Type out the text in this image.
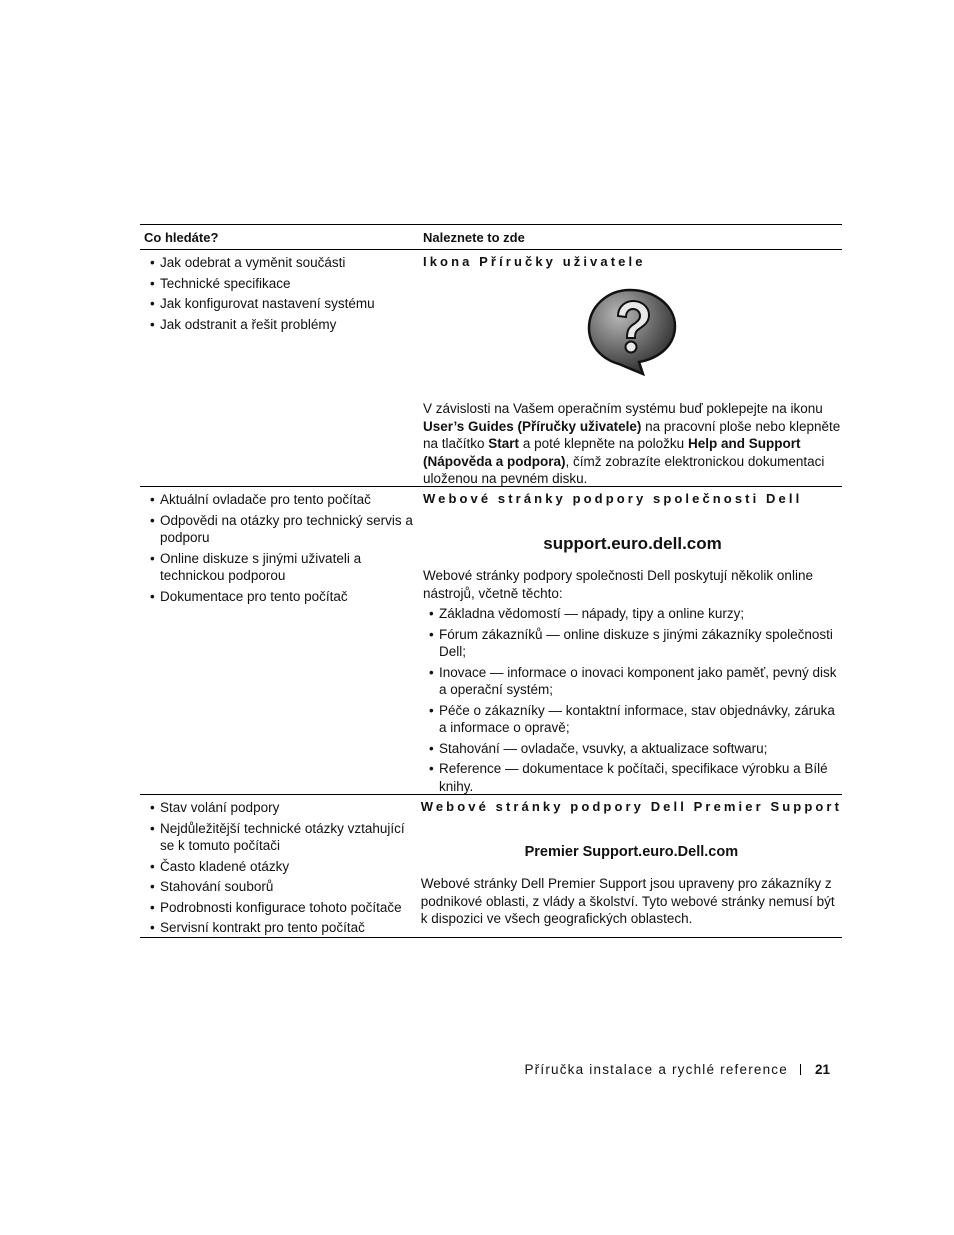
Co hledáte?	Naleznete to zde
• Jak odebrat a vyměnit součásti
• Technické specifikace
• Jak konfigurovat nastavení systému
• Jak odstranit a řešit problémy
Ikona Příručky uživatele

V závislosti na Vašem operačním systému buď poklepejte na ikonu User’s Guides (Příručky uživatele) na pracovní ploše nebo klepněte na tlačítko Start a poté klepněte na položku Help and Support (Nápověda a podpora), čímž zobrazíte elektronickou dokumentaci uloženou na pevném disku.

• Aktuální ovladače pro tento počítač
• Odpovědi na otázky pro technický servis a podporu
• Online diskuze s jinými uživateli a technickou podporou
• Dokumentace pro tento počítač
Webové stránky podpory společnosti Dell
support.euro.dell.com

Webové stránky podpory společnosti Dell poskytují několik online nástrojů, včetně těchto:

• Základna vědomostí — nápady, tipy a online kurzy;
• Fórum zákazníků — online diskuze s jinými zákazníky společnosti Dell;
• Inovace — informace o inovaci komponent jako paměť, pevný disk a operační systém;
• Péče o zákazníky — kontaktní informace, stav objednávky, záruka a informace o opravě;
• Stahování — ovladače, vsuvky, a aktualizace softwaru;
• Reference — dokumentace k počítači, specifikace výrobku a Bílé knihy.
• Stav volání podpory
• Nejdůležitější technické otázky vztahující se k tomuto počítači
• Často kladené otázky
• Stahování souborů
• Podrobnosti konfigurace tohoto počítače
• Servisní kontrakt pro tento počítač
Webové stránky podpory Dell Premier Support
Premier Support.euro.Dell.com

Webové stránky Dell Premier Support jsou upraveny pro zákazníky z podnikové oblasti, z vlády a školství. Tyto webové stránky nemusí být k dispozici ve všech geografických oblastech.

Příručka instalace a rychlé reference 21
